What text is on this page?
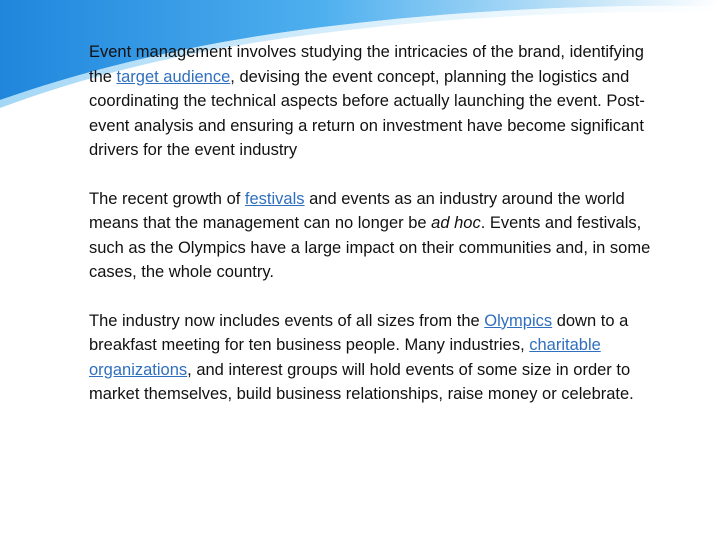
Event management involves studying the intricacies of the brand, identifying the target audience, devising the event concept, planning the logistics and coordinating the technical aspects before actually launching the event. Post-event analysis and ensuring a return on investment have become significant drivers for the event industry

The recent growth of festivals and events as an industry around the world means that the management can no longer be ad hoc. Events and festivals, such as the Olympics have a large impact on their communities and, in some cases, the whole country.

The industry now includes events of all sizes from the Olympics down to a breakfast meeting for ten business people. Many industries, charitable organizations, and interest groups will hold events of some size in order to market themselves, build business relationships, raise money or celebrate.
